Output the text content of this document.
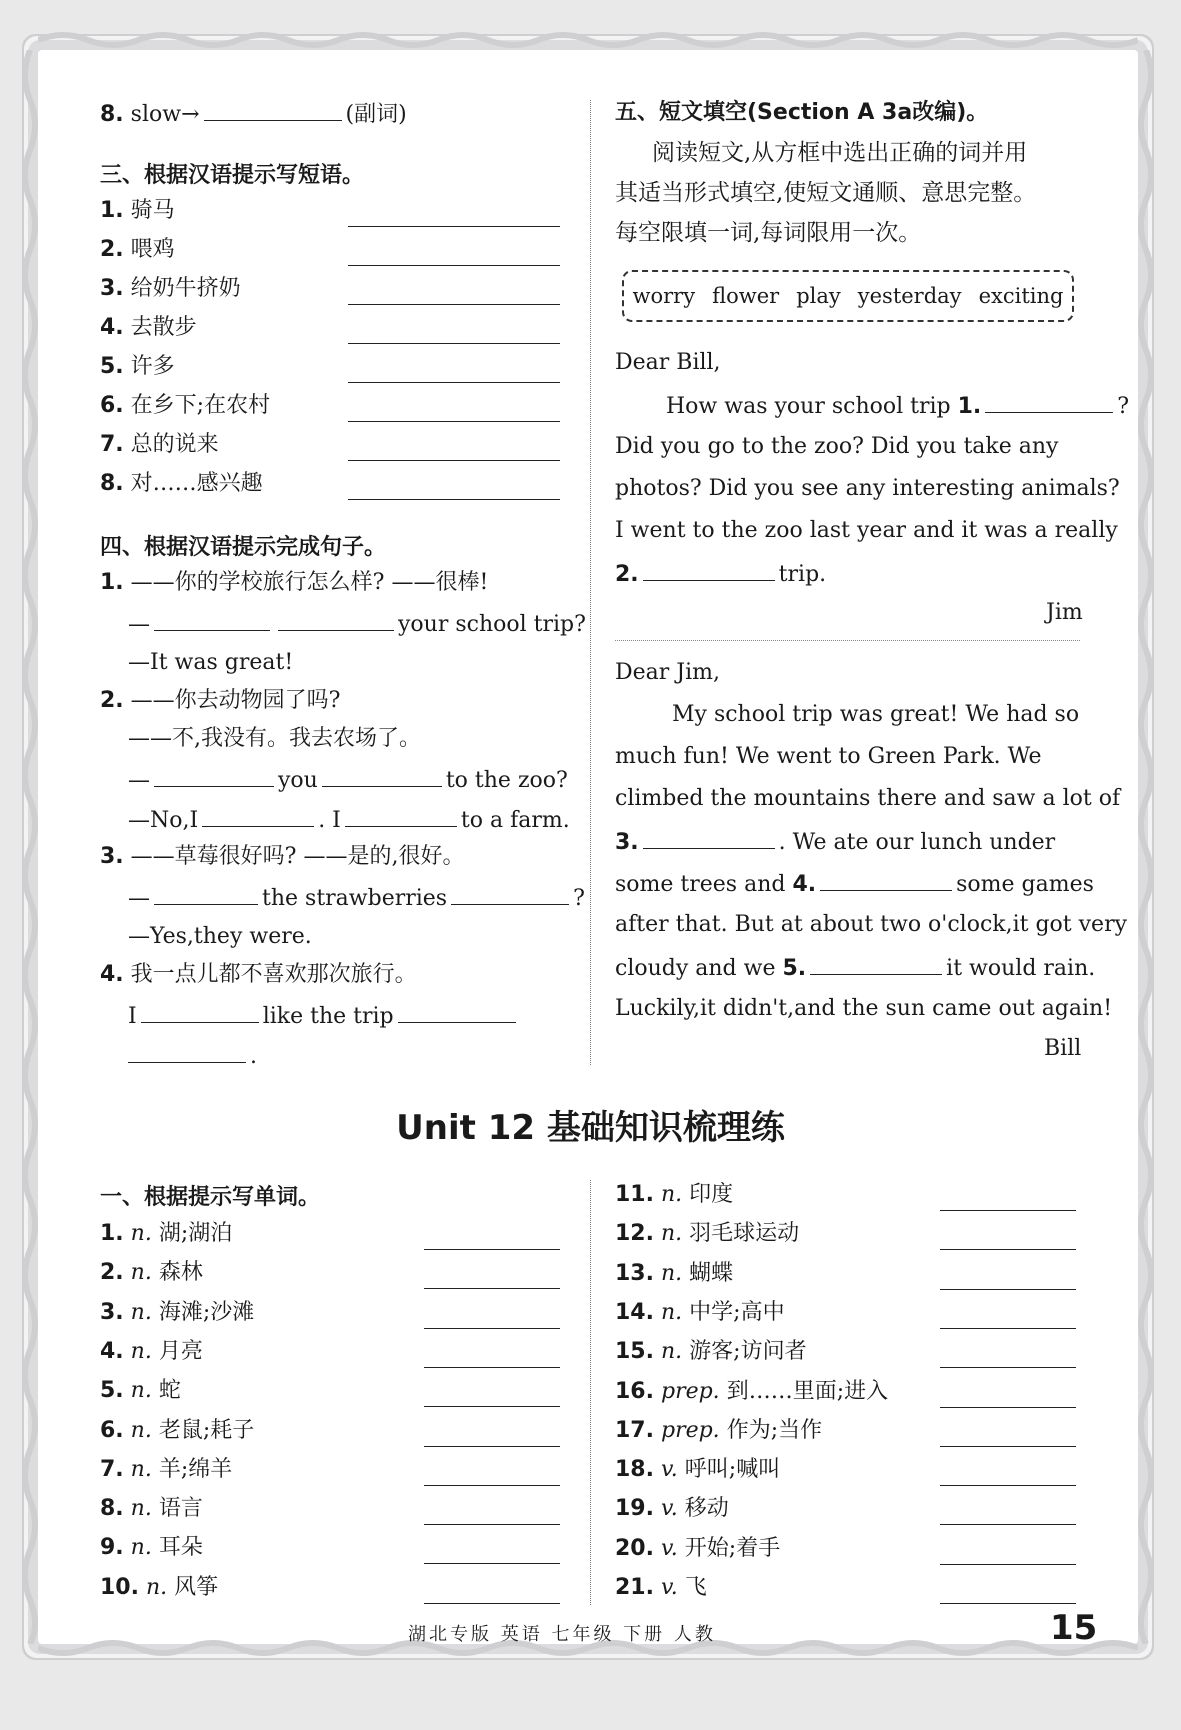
8. slow→	(副词)
三、根据汉语提示写短语。
1. 骑马
2. 喂鸡
3. 给奶牛挤奶
4. 去散步
5. 许多
6. 在乡下;在农村
7. 总的说来
8. 对……感兴趣
四、根据汉语提示完成句子。
1. ——你的学校旅行怎么样? ——很棒!
—	your school trip?
—It was great!
2. ——你去动物园了吗?
——不,我没有。我去农场了。
—	you	to the zoo?
—No,I	. I	to a farm.
3. ——草莓很好吗? ——是的,很好。
—	the strawberries	?
—Yes,they were.
4. 我一点儿都不喜欢那次旅行。
I	like the trip
.
五、短文填空(Section A 3a改编)。
阅读短文,从方框中选出正确的词并用
其适当形式填空,使短文通顺、意思完整。
每空限填一词,每词限用一次。
worry flower play yesterday exciting
Dear Bill,
How was your school trip 1.	?
Did you go to the zoo? Did you take any
photos? Did you see any interesting animals?
I went to the zoo last year and it was a really
2.	trip.
Jim
Dear Jim,
My school trip was great! We had so
much fun! We went to Green Park. We
climbed the mountains there and saw a lot of
3.	. We ate our lunch under
some trees and 4.	some games
after that. But at about two o'clock,it got very
cloudy and we 5.	it would rain.
Luckily,it didn't,and the sun came out again!
Bill
Unit 12 基础知识梳理练
一、根据提示写单词。
1. n. 湖;湖泊
2. n. 森林
3. n. 海滩;沙滩
4. n. 月亮
5. n. 蛇
6. n. 老鼠;耗子
7. n. 羊;绵羊
8. n. 语言
9. n. 耳朵
10. n. 风筝
11. n. 印度
12. n. 羽毛球运动
13. n. 蝴蝶
14. n. 中学;高中
15. n. 游客;访问者
16. prep. 到……里面;进入
17. prep. 作为;当作
18. v. 呼叫;喊叫
19. v. 移动
20. v. 开始;着手
21. v. 飞
湖北专版 英语 七年级 下册 人教	15
